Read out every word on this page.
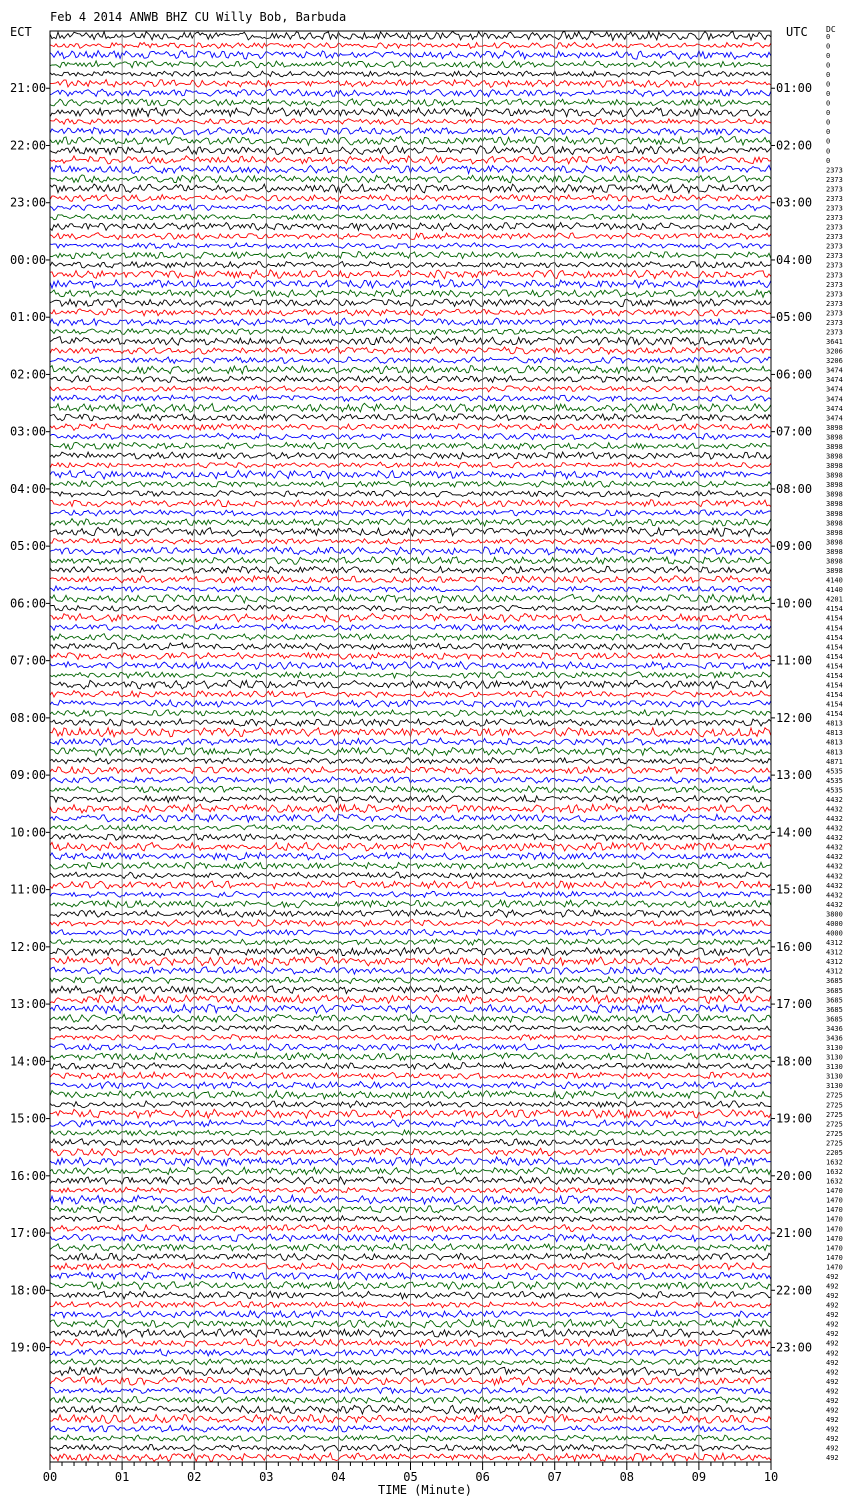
Feb 4 2014 ANWB BHZ CU Willy Bob, Barbuda
ECT	UTC DC
0
0
0
0
0
0
0
0
0
0
0
0
0
0
2373
2373
2373
2373
2373
2373
2373
2373
2373
2373
2373
2373
2373
2373
2373
2373
2373
2373
3641
3206
3206
3474
3474
3474
3474
3474
3474
3898
3898
3898
3898
3898
3898
3898
3898
3898
3898
3898
3898
3898
3898
3898
3898
4140
4140
4201
4154
4154
4154
4154
4154
4154
4154
4154
4154
4154
4154
4154
4813
4813
4813
4813
4871
4535
4535
4535
4432
4432
4432
4432
4432
4432
4432
4432
4432
4432
4432
4432
3800
4000
4000
4312
4312
4312
4312
3685
3685
3685
3685
3685
3436
3436
3130
3130
3130
3130
3130
2725
2725
2725
2725
2725
2725
2205
1632
1632
1632
1470
1470
1470
1470
1470
1470
1470
1470
1470
492
492
492
492
492
492
492
492
492
492
492
492
492
492
492
492
492
492
492
492
21:00
22:00
23:00
00:00
01:00
02:00
03:00
04:00
05:00
06:00
07:00
08:00
09:00
10:00
11:00
12:00
13:00
14:00
15:00
16:00
17:00
18:00
19:00
01:00
02:00
03:00
04:00
05:00
06:00
07:00
08:00
09:00
10:00
11:00
12:00
13:00
14:00
15:00
16:00
17:00
18:00
19:00
20:00
21:00
22:00
23:00
00	01	02	03	04	05	06	07	08	09	10
TIME (Minute)
